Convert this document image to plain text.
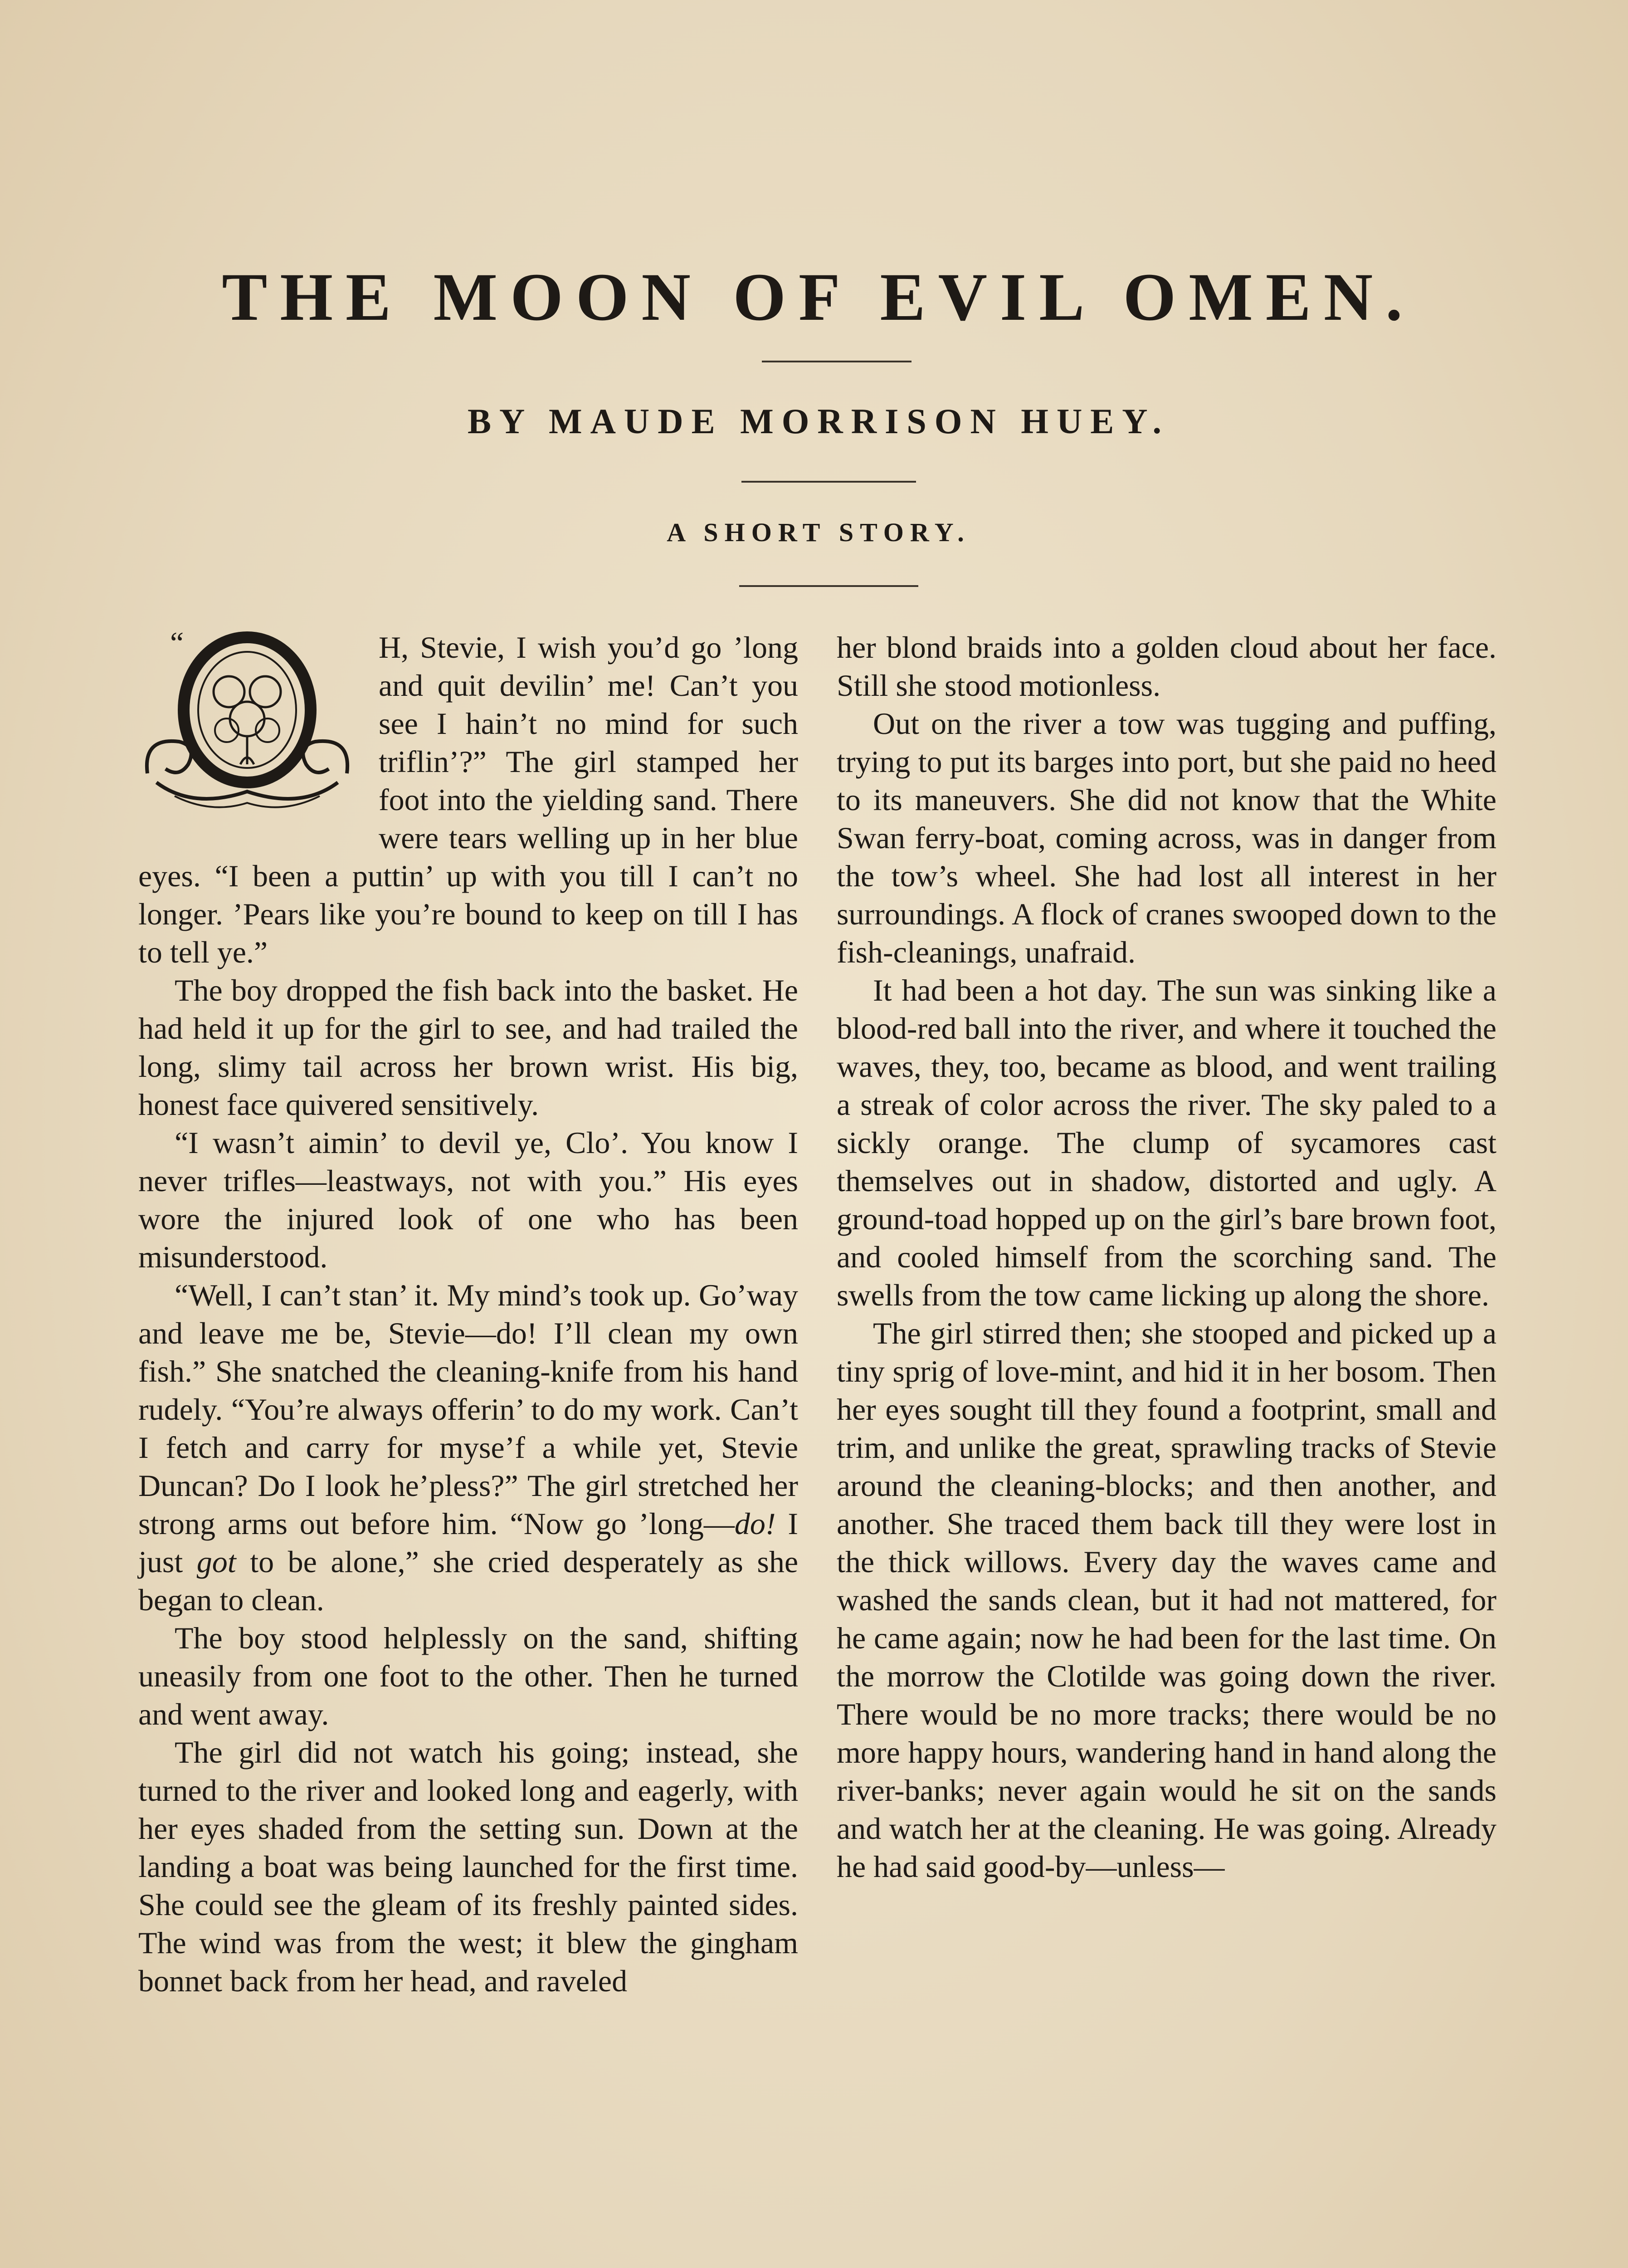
THE MOON OF EVIL OMEN.
BY MAUDE MORRISON HUEY.
A SHORT STORY.
“	H, Stevie, I wish you’d go ’long and quit devilin’ me! Can’t you see I hain’t no mind for such triflin’?” The girl stamped her foot into the yielding sand. There were tears welling up in her blue eyes. “I been a puttin’ up with you till I can’t no longer. ’Pears like you’re bound to keep on till I has to tell ye.”

The boy dropped the fish back into the basket. He had held it up for the girl to see, and had trailed the long, slimy tail across her brown wrist. His big, honest face quivered sensitively.

“I wasn’t aimin’ to devil ye, Clo’. You know I never trifles—leastways, not with you.” His eyes wore the injured look of one who has been misunderstood.

“Well, I can’t stan’ it. My mind’s took up. Go’way and leave me be, Stevie—do! I’ll clean my own fish.” She snatched the cleaning-knife from his hand rudely. “You’re always offerin’ to do my work. Can’t I fetch and carry for myse’f a while yet, Stevie Duncan? Do I look he’pless?” The girl stretched her strong arms out before him. “Now go ’long—do! I just got to be alone,” she cried desperately as she began to clean.

The boy stood helplessly on the sand, shifting uneasily from one foot to the other. Then he turned and went away.

The girl did not watch his going; instead, she turned to the river and looked long and eagerly, with her eyes shaded from the setting sun. Down at the landing a boat was being launched for the first time. She could see the gleam of its freshly painted sides. The wind was from the west; it blew the gingham bonnet back from her head, and raveled

her blond braids into a golden cloud about her face. Still she stood motionless.

Out on the river a tow was tugging and puffing, trying to put its barges into port, but she paid no heed to its maneuvers. She did not know that the White Swan ferry-boat, coming across, was in danger from the tow’s wheel. She had lost all interest in her surroundings. A flock of cranes swooped down to the fish-cleanings, unafraid.

It had been a hot day. The sun was sinking like a blood-red ball into the river, and where it touched the waves, they, too, became as blood, and went trailing a streak of color across the river. The sky paled to a sickly orange. The clump of sycamores cast themselves out in shadow, distorted and ugly. A ground-toad hopped up on the girl’s bare brown foot, and cooled himself from the scorching sand. The swells from the tow came licking up along the shore.

The girl stirred then; she stooped and picked up a tiny sprig of love-mint, and hid it in her bosom. Then her eyes sought till they found a footprint, small and trim, and unlike the great, sprawling tracks of Stevie around the cleaning-blocks; and then another, and another. She traced them back till they were lost in the thick willows. Every day the waves came and washed the sands clean, but it had not mattered, for he came again; now he had been for the last time. On the morrow the Clotilde was going down the river. There would be no more tracks; there would be no more happy hours, wandering hand in hand along the river-banks; never again would he sit on the sands and watch her at the cleaning. He was going. Already he had said good-by—unless—
